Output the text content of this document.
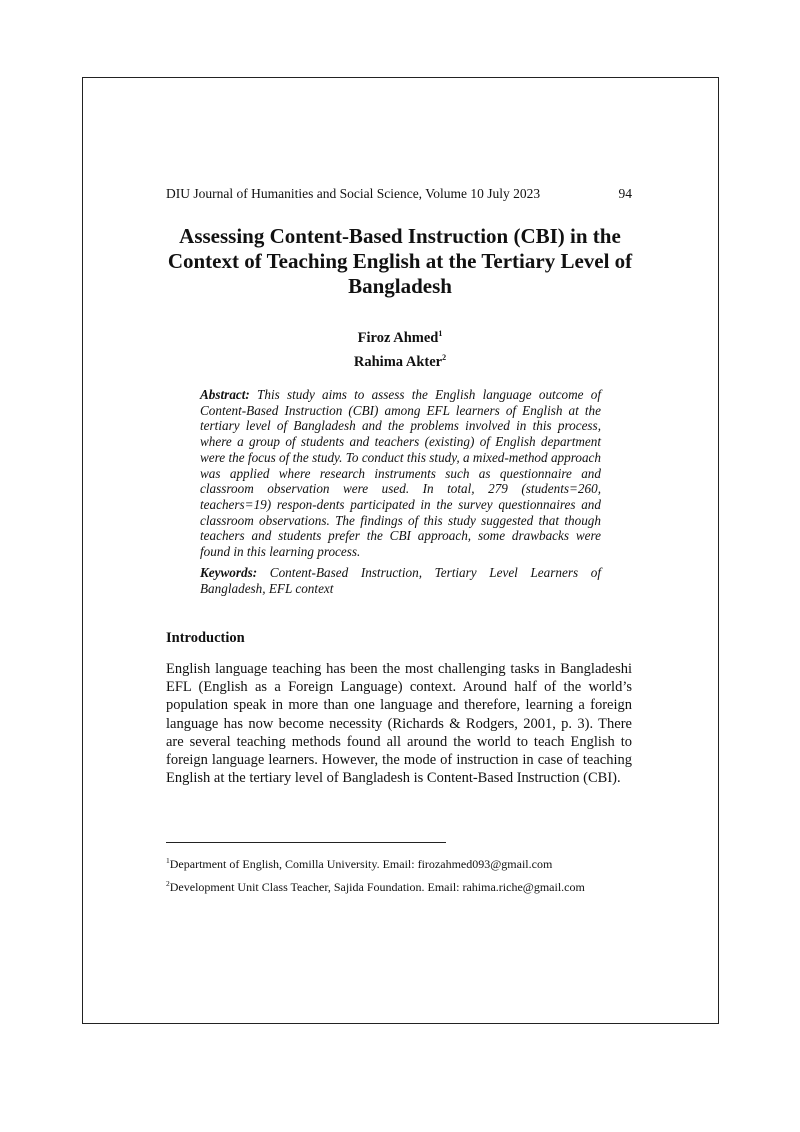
DIU Journal of Humanities and Social Science, Volume 10 July 2023	94
Assessing Content-Based Instruction (CBI) in the Context of Teaching English at the Tertiary Level of Bangladesh
Firoz Ahmed$^1$
Rahima Akter$^2$
Abstract: This study aims to assess the English language outcome of Content-Based Instruction (CBI) among EFL learners of English at the tertiary level of Bangladesh and the problems involved in this process, where a group of students and teachers (existing) of English department were the focus of the study. To conduct this study, a mixed-method approach was applied where research instruments such as questionnaire and classroom observation were used. In total, 279 (students=260, teachers=19) respon-dents participated in the survey questionnaires and classroom observations. The findings of this study suggested that though teachers and students prefer the CBI approach, some drawbacks were found in this learning process.
Keywords: Content-Based Instruction, Tertiary Level Learners of Bangladesh, EFL context
Introduction
English language teaching has been the most challenging tasks in Bangladeshi EFL (English as a Foreign Language) context. Around half of the world’s population speak in more than one language and therefore, learning a foreign language has now become necessity (Richards & Rodgers, 2001, p. 3). There are several teaching methods found all around the world to teach English to foreign language learners. However, the mode of instruction in case of teaching English at the tertiary level of Bangladesh is Content-Based Instruction (CBI).
$^1$Department of English, Comilla University. Email: firozahmed093@gmail.com
$^2$Development Unit Class Teacher, Sajida Foundation. Email: rahima.riche@gmail.com
